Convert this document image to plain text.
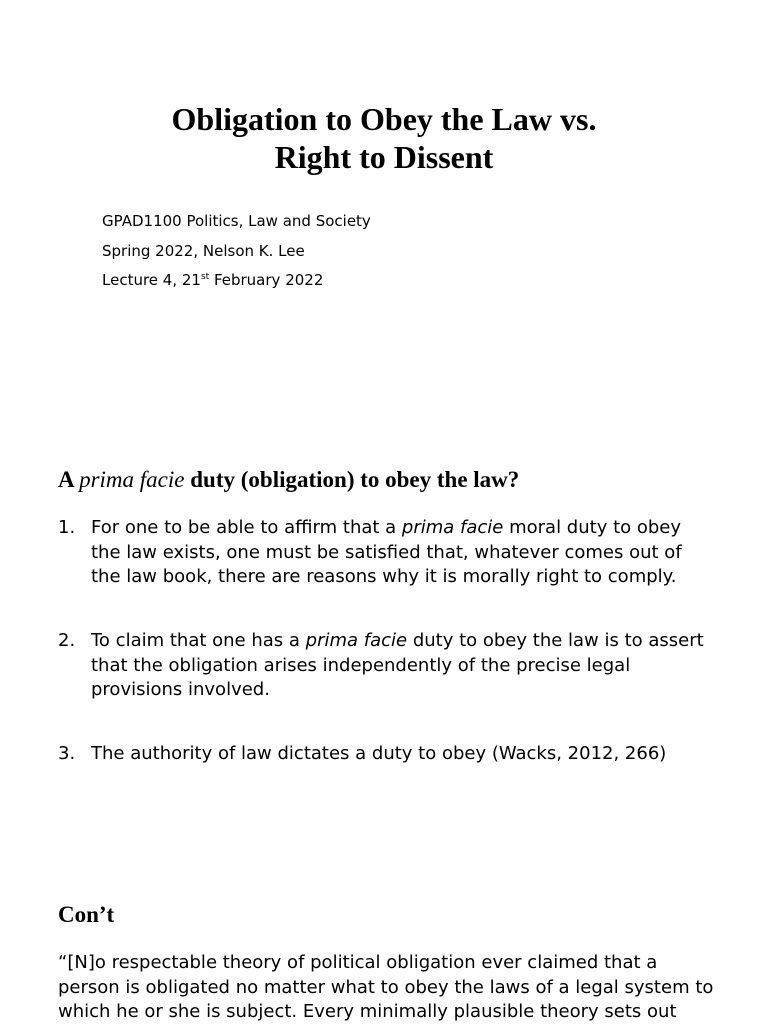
Obligation to Obey the Law vs.
Right to Dissent
GPAD1100 Politics, Law and Society
Spring 2022, Nelson K. Lee
Lecture 4, 21st February 2022
A prima facie duty (obligation) to obey the law?
1. For one to be able to affirm that a prima facie moral duty to obey
the law exists, one must be satisfied that, whatever comes out of
the law book, there are reasons why it is morally right to comply.
2. To claim that one has a prima facie duty to obey the law is to assert
that the obligation arises independently of the precise legal
provisions involved.
3. The authority of law dictates a duty to obey (Wacks, 2012, 266)
Con’t
“[N]o respectable theory of political obligation ever claimed that a
person is obligated no matter what to obey the laws of a legal system to
which he or she is subject. Every minimally plausible theory sets out
